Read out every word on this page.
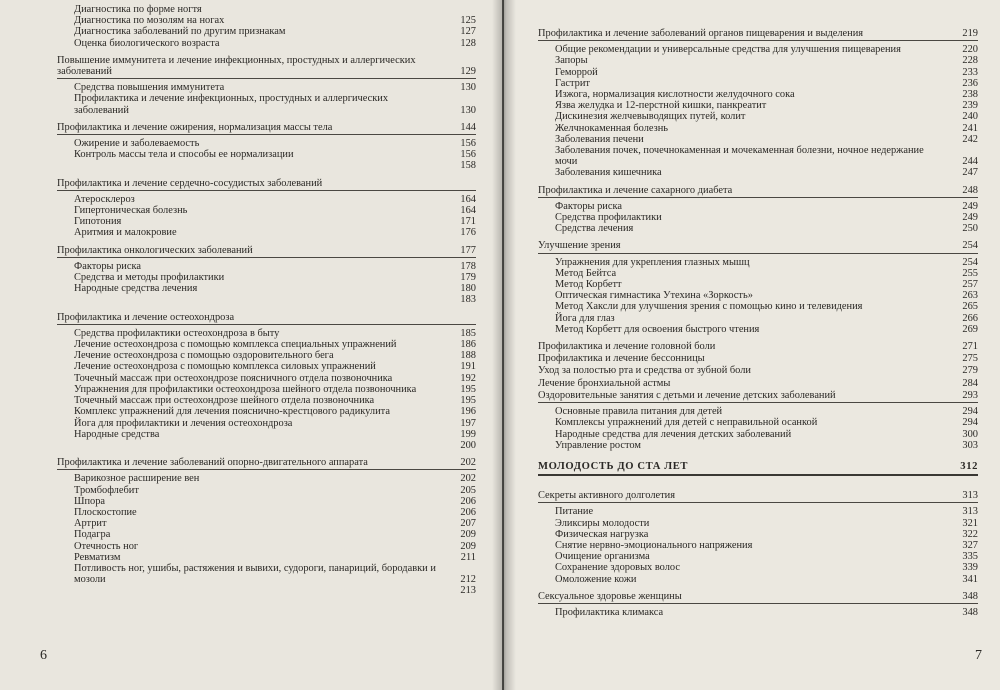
Диагностика по форме ногтя
Диагностика по мозолям на ногах	125
Диагностика заболеваний по другим признакам	127
Оценка биологического возраста	128
Повышение иммунитета и лечение инфекционных, простудных и аллергических заболеваний	129
Средства повышения иммунитета	130
Профилактика и лечение инфекционных, простудных и аллергических заболеваний	130
Профилактика и лечение ожирения, нормализация массы тела	144
Ожирение и заболеваемость	156
Контроль массы тела и способы ее нормализации	156
158
Профилактика и лечение сердечно-сосудистых заболеваний
Атеросклероз	164
Гипертоническая болезнь	164
Гипотония	171
Аритмия и малокровие	176
Профилактика онкологических заболеваний	177
Факторы риска	178
Средства и методы профилактики	179
Народные средства лечения	180
183
Профилактика и лечение остеохондроза
Средства профилактики остеохондроза в быту	185
Лечение остеохондроза с помощью комплекса специальных упражнений	186
Лечение остеохондроза с помощью оздоровительного бега	188
Лечение остеохондроза с помощью комплекса силовых упражнений	191
Точечный массаж при остеохондрозе поясничного отдела позвоночника	192
Упражнения для профилактики остеохондроза шейного отдела позвоночника	195
Точечный массаж при остеохондрозе шейного отдела позвоночника	195
Комплекс упражнений для лечения пояснично-крестцового радикулита	196
Йога для профилактики и лечения остеохондроза	197
Народные средства	199
200
Профилактика и лечение заболеваний опорно-двигательного аппарата	202
Варикозное расширение вен	202
Тромбофлебит	205
Шпора	206
Плоскостопие	206
Артрит	207
Подагра	209
Отечность ног	209
Ревматизм	211
Потливость ног, ушибы, растяжения и вывихи, судороги, панариций, бородавки и мозоли	212
213
Профилактика и лечение заболеваний органов пищеварения и выделения	219
Общие рекомендации и универсальные средства для улучшения пищеварения	220
Запоры	228
Геморрой	233
Гастрит	236
Изжога, нормализация кислотности желудочного сока	238
Язва желудка и 12-перстной кишки, панкреатит	239
Дискинезия желчевыводящих путей, колит	240
Желчнокаменная болезнь	241
Заболевания печени	242
Заболевания почек, почечнокаменная и мочекаменная болезни, ночное недержание мочи	244
Заболевания кишечника	247
Профилактика и лечение сахарного диабета	248
Факторы риска	249
Средства профилактики	249
Средства лечения	250
Улучшение зрения	254
Упражнения для укрепления глазных мышц	254
Метод Бейтса	255
Метод Корбетт	257
Оптическая гимнастика Утехина «Зоркость»	263
Метод Хаксли для улучшения зрения с помощью кино и телевидения	265
Йога для глаз	266
Метод Корбетт для освоения быстрого чтения	269
Профилактика и лечение головной боли	271
Профилактика и лечение бессонницы	275
Уход за полостью рта и средства от зубной боли	279
Лечение бронхиальной астмы	284
Оздоровительные занятия с детьми и лечение детских заболеваний	293
Основные правила питания для детей	294
Комплексы упражнений для детей с неправильной осанкой	294
Народные средства для лечения детских заболеваний	300
Управление ростом	303
МОЛОДОСТЬ ДО СТА ЛЕТ	312
Секреты активного долголетия	313
Питание	313
Эликсиры молодости	321
Физическая нагрузка	322
Снятие нервно-эмоционального напряжения	327
Очищение организма	335
Сохранение здоровых волос	339
Омоложение кожи	341
Сексуальное здоровье женщины	348
Профилактика климакса	348
6	7
